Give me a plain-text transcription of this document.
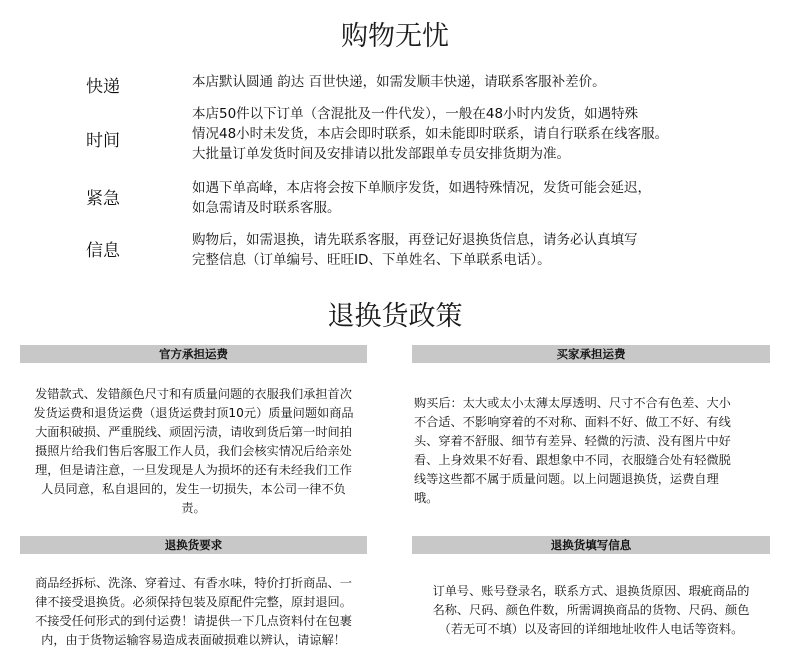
购物无忧
快递	本店默认圆通 韵达 百世快递，如需发顺丰快递，请联系客服补差价。
时间
本店50件以下订单（含混批及一件代发），一般在48小时内发货，如遇特殊
情况48小时未发货，本店会即时联系，如未能即时联系，请自行联系在线客服。
大批量订单发货时间及安排请以批发部跟单专员安排货期为准。
紧急
如遇下单高峰，本店将会按下单顺序发货，如遇特殊情况，发货可能会延迟，
如急需请及时联系客服。
信息
购物后，如需退换，请先联系客服，再登记好退换货信息，请务必认真填写
完整信息（订单编号、旺旺ID、下单姓名、下单联系电话）。
退换货政策
官方承担运费
发错款式、发错颜色尺寸和有质量问题的衣服我们承担首次
发货运费和退货运费（退货运费封顶10元）质量问题如商品
大面积破损、严重脱线、顽固污渍，请收到货后第一时间拍
摄照片给我们售后客服工作人员，我们会核实情况后给亲处
理，但是请注意，一旦发现是人为损坏的还有未经我们工作
人员同意，私自退回的，发生一切损失，本公司一律不负
责。
买家承担运费
购买后：太大或太小太薄太厚透明、尺寸不合有色差、大小
不合适、不影响穿着的不对称、面料不好、做工不好、有线
头、穿着不舒服、细节有差异、轻微的污渍、没有图片中好
看、上身效果不好看、跟想象中不同，衣服缝合处有轻微脱
线等这些都不属于质量问题。以上问题退换货，运费自理
哦。
退换货要求
商品经拆标、洗涤、穿着过、有香水味，特价打折商品、一
律不接受退换货。必须保持包装及原配件完整，原封退回。
不接受任何形式的到付运费！请提供一下几点资料付在包裹
内，由于货物运输容易造成表面破损难以辨认，请谅解！
退换货填写信息
订单号、账号登录名，联系方式、退换货原因、瑕疵商品的
名称、尺码、颜色件数，所需调换商品的货物、尺码、颜色
（若无可不填）以及寄回的详细地址收件人电话等资料。
